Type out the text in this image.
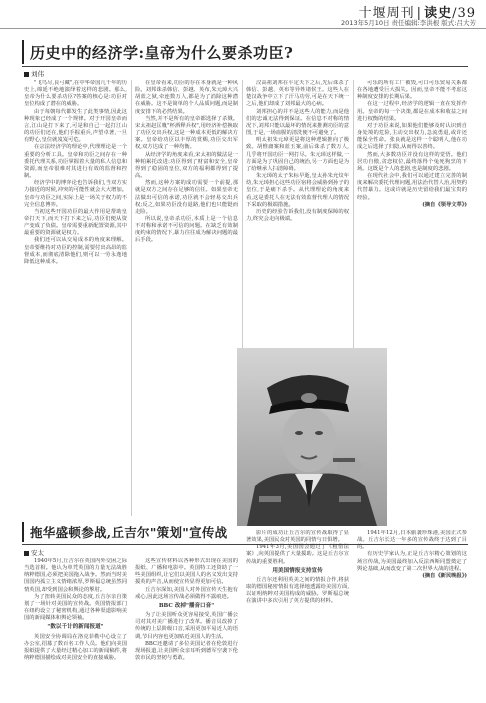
十堰周刊 | 读史/39
2013年5月10日 责任编辑:李洪根 版式:吕大芳
历史中的经济学:皇帝为什么要杀功臣?
刘伟

"飞鸟尽,良弓藏",在中华帝国几千年的历史上,绵延不绝地演绎着这样的悲剧。那么,皇帝为什么要杀功臣?答案的核心是:功臣对皇位构成了潜在的威胁。

由于每朝每代都发生了此类事情,因此这种现象已经成了一个规律。对于开国皇帝而言,江山是打下来了,可是和自己一起打江山的功臣们还在,他们手握重兵,声望卓著,一旦有野心,皇位就岌岌可危。

在宗法经济学的理论中,代理理论是一个重要的分析工具。皇帝和功臣之间存在一种委托代理关系,功臣掌握着大量的私人信息和资源,而皇帝很难对其进行有效的监督和控制。

经济学中的博弈论也告诉我们,当双方实力接近的时候,冲突的可能性就会大大增加。皇帝与功臣之间,实际上是一场关于权力的不完全信息博弈。

当初这些开国功臣的最大作用是帮助皇帝打天下,而天下打下来之后,功臣们便从资产变成了负债。皇帝需要重新配置资源,其中最重要的资源就是权力。

我们还可以从交易成本的角度来理解。皇帝要维持对功臣的控制,需要付出高昂的监督成本,而彻底清除他们,则可以一劳永逸地降低这种成本。

在皇帝看来,功臣的存在本身就是一种风险。刘邦诛杀韩信、彭越、英布,朱元璋大兴胡蓝之狱,牵连数万人,都是为了消除这种潜在威胁。这不是简单的个人品质问题,而是制度安排下的必然结果。

当然,并不是所有的皇帝都选择了杀戮。宋太祖赵匡胤"杯酒释兵权",用经济补偿换取了功臣交出兵权,这是一种成本更低的解决方案。皇帝给功臣以丰厚的赏赐,功臣交出军权,双方达成了一种均衡。

从经济学的角度来看,宋太祖的做法是一种帕累托改进:功臣得到了财富和安全,皇帝得到了稳固的皇位,双方的福利都得到了提高。

然而,这种方案的成功需要一个前提,那就是双方之间存在足够的信任。如果皇帝无法做出可信的承诺,功臣就不会轻易交出兵权;反之,如果功臣没有退路,他们也只能铤而走险。

所以说,皇帝杀功臣,本质上是一个信息不对称和承诺不可信的问题。在缺乏有效制度约束的情况下,暴力往往成为解决问题的最后手段。

汉高祖刘邦在平定天下之后,先后诛杀了韩信、彭越、英布等异姓诸侯王。这些人在楚汉战争中立下了汗马功劳,可是在天下统一之后,他们却成了刘邦最大的心病。

刘邦担心的并不是这些人的能力,而是他们的忠诚无法得到保证。在信息不对称的情况下,刘邦只能以最坏的情况来推测功臣的意图,于是,一场血腥的清洗便不可避免了。

明太祖朱元璋更是将这种逻辑推向了极致。胡惟庸案和蓝玉案,前后诛杀了数万人,几乎将开国功臣一网打尽。朱元璋这样做,一方面是为了巩固自己的统治,另一方面也是为了给继承人扫清障碍。

朱元璋的太子朱标早逝,皇太孙朱允炆年幼,朱元璋担心这些功臣宿将会威胁到孙子的皇位,于是痛下杀手。从代理理论的角度来看,这是委托人在无法有效监督代理人的情况下采取的极端措施。

历史的经验告诉我们,没有制度保障的权力,终究会走向极端。

可乐的所有工厂被毁,可口可乐贸易关系都在各地遭受巨大损失。因而,皇帝不能不考虑这种制度安排的长期后果。

在这一过程中,经济学的逻辑一直在发挥作用。皇帝的每一个决策,都是在成本和收益之间进行权衡的结果。

对于功臣来说,如果他们能够及时认识到自身处境的危险,主动交出权力,急流勇退,或许还能保全性命。张良就是这样一个聪明人,他在功成之后选择了归隐,从而得以善终。

然而,大多数功臣并没有这样的觉悟。他们居功自傲,贪恋权位,最终落得个兔死狗烹的下场。这既是个人的悲剧,也是制度的悲剧。

在现代社会中,我们可以通过建立完善的制度来解决委托代理问题,用法治代替人治,用契约代替暴力。这或许就是历史留给我们最宝贵的经验。

(摘自《领导文萃》)

拖华盛顿参战,丘吉尔"策划"宣传战
安太

1940年5月,丘吉尔在英国内外交困之际当选首相。他认为单凭英国的力量无法战胜纳粹德国,必须把美国拖入战争。然而当时美国国内孤立主义情绪浓厚,罗斯福总统虽然同情英国,却受到国会和舆论的掣肘。

为了扭转美国民众的态度,丘吉尔亲自策划了一场针对美国的宣传战。英国情报部门在纽约设立了秘密机构,通过各种渠道影响美国的新闻媒体和舆论领袖。

"数以千计的新闻报道"

英国安全协调局在洛克菲勒中心设立了办公室,招募了数百名工作人员。他们向美国报纸提供了大量经过精心加工的新闻稿件,将纳粹德国描绘成对美国安全的直接威胁。

这些宣传材料以各种形式出现在美国的报纸、广播和电影中。英国特工还资助了一些美国组织,让它们以美国人的名义发出支持援英的声音,从而使宣传显得更加可信。

丘吉尔深知,美国人对外国宣传天生抱有戒心,因此这场宣传战必须做得不露痕迹。

BBC 改掉"播音口音"

为了让美国听众更容易接受,英国广播公司对其对美广播进行了改革。播音员改掉了传统的上层阶级口音,采用更加平易近人的语调,节目内容也更加贴近美国人的生活。

BBC还邀请了多位美国记者在伦敦进行现场报道,让美国听众亲耳听到德军空袭下伦敦市民的坚韧与勇敢。

影片的成功让丘吉尔的宣传战取得了显著效果,美国民众对英国的同情与日俱增。

1941年3月,美国国会通过了《租借法案》,向英国提供了大量援助。这是丘吉尔宣传战的重要胜利。

用美国情报支持宣传

丘吉尔还利用英美之间的情报合作,将获取的德国秘密情报有选择地透露给美国方面,以证明纳粹对美国构成的威胁。罗斯福总统在演讲中多次引用了英方提供的材料。

1941年12月,日本偷袭珍珠港,美国正式参战。丘吉尔长达一年多的宣传战终于达到了目的。

有历史学家认为,正是丘吉尔精心策划的这场宣传战,为美国最终加入反法西斯同盟奠定了舆论基础,从而改变了第二次世界大战的进程。

(摘自《新民晚报》)
